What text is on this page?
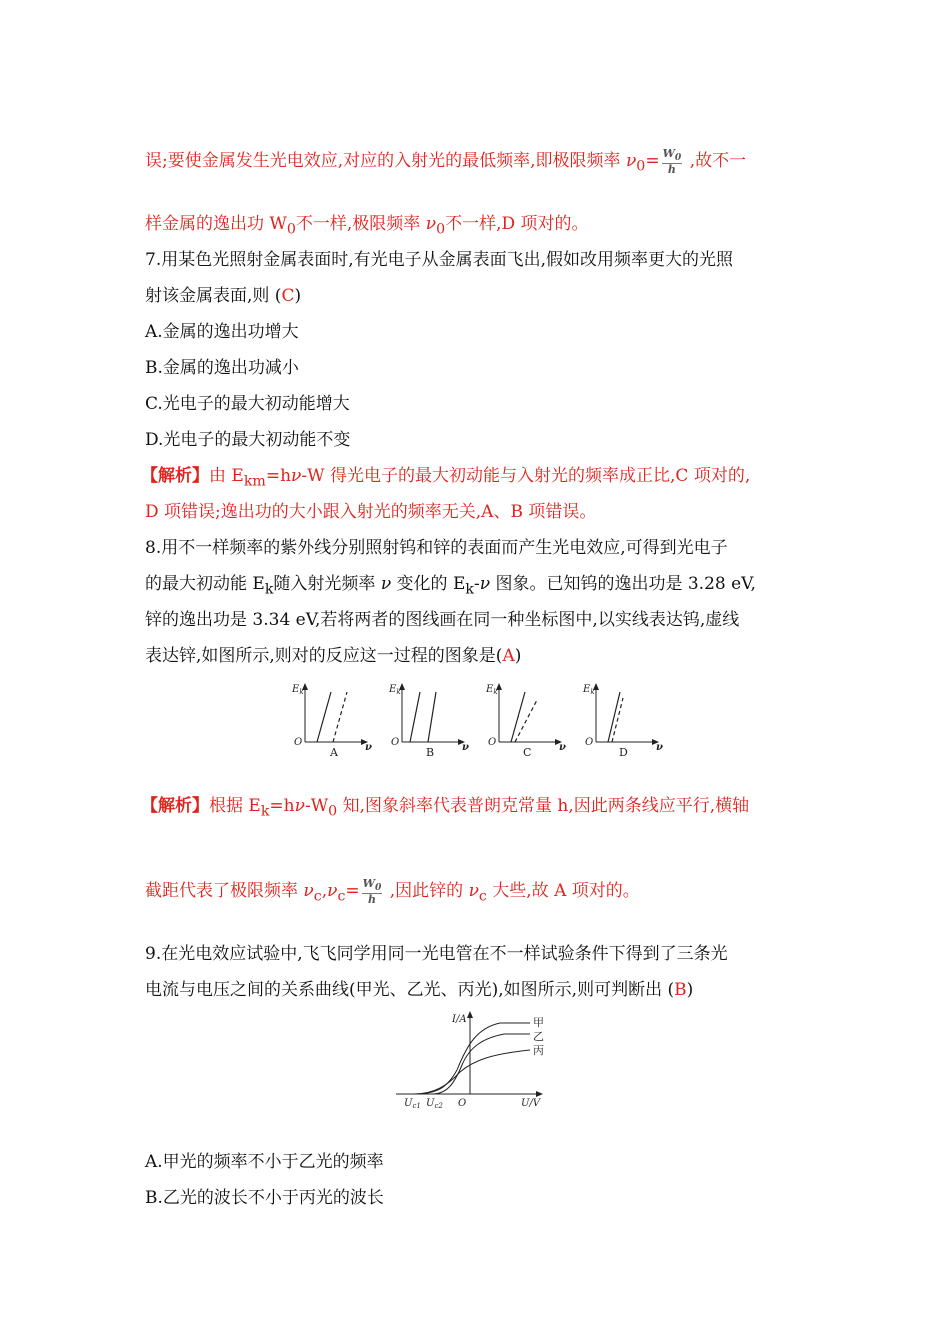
误;要使金属发生光电效应,对应的入射光的最低频率,即极限频率 $\nu_0= \frac{W_0}{h}$ ,故不一
样金属的逸出功 $W_0$不一样,极限频率 $\nu_0$不一样,D 项对的。
7.用某色光照射金属表面时,有光电子从金属表面飞出,假如改用频率更大的光照
射该金属表面,则 (C)
A.金属的逸出功增大
B.金属的逸出功减小
C.光电子的最大初动能增大
D.光电子的最大初动能不变
【解析】由 $E_{km}=h\nu-W$ 得光电子的最大初动能与入射光的频率成正比,C 项对的,
D 项错误;逸出功的大小跟入射光的频率无关,A、B 项错误。
8.用不一样频率的紫外线分别照射钨和锌的表面而产生光电效应,可得到光电子
的最大初动能 $E_k$随入射光频率 ν 变化的 $E_k-\nu$ 图象。已知钨的逸出功是 3.28 eV,
锌的逸出功是 3.34 eV,若将两者的图线画在同一种坐标图中,以实线表达钨,虚线
表达锌,如图所示,则对的反应这一过程的图象是(A)
$E_k$	$E_k$	$E_k$	$E_k$
O	O	O	O
ν	ν	ν	ν
A	B	C	D
【解析】根据 $E_k=h\nu-W_0$ 知,图象斜率代表普朗克常量 h,因此两条线应平行,横轴
截距代表了极限频率 $\nu_c,\nu_c= \frac{W_0}{h}$ ,因此锌的 $\nu_c$ 大些,故 A 项对的。
9.在光电效应试验中,飞飞同学用同一光电管在不一样试验条件下得到了三条光
电流与电压之间的关系曲线(甲光、乙光、丙光),如图所示,则可判断出 (B)
I/A
U/V
O
$U_{c1}$ $U_{c2}$
甲
乙
丙
A.甲光的频率不小于乙光的频率
B.乙光的波长不小于丙光的波长
